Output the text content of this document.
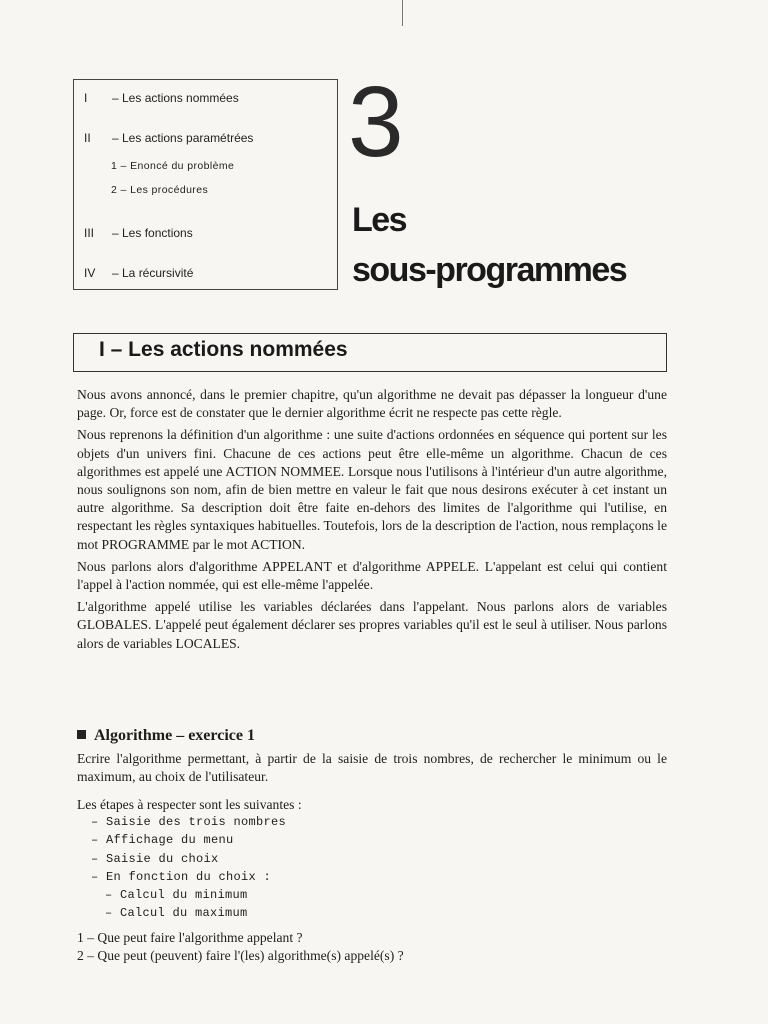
I – Les actions nommées
II – Les actions paramétrées
1 – Enoncé du problème
2 – Les procédures
III – Les fonctions
IV – La récursivité
3
Les
sous-programmes
I – Les actions nommées

Nous avons annoncé, dans le premier chapitre, qu'un algorithme ne devait pas dépasser la longueur d'une page. Or, force est de constater que le dernier algorithme écrit ne respecte pas cette règle.

Nous reprenons la définition d'un algorithme : une suite d'actions ordonnées en séquence qui portent sur les objets d'un univers fini. Chacune de ces actions peut être elle-même un algorithme. Chacun de ces algorithmes est appelé une ACTION NOMMEE. Lorsque nous l'utilisons à l'intérieur d'un autre algorithme, nous soulignons son nom, afin de bien mettre en valeur le fait que nous desirons exécuter à cet instant un autre algorithme. Sa description doit être faite en-dehors des limites de l'algorithme qui l'utilise, en respectant les règles syntaxiques habituelles. Toutefois, lors de la description de l'action, nous remplaçons le mot PROGRAMME par le mot ACTION.

Nous parlons alors d'algorithme APPELANT et d'algorithme APPELE. L'appelant est celui qui contient l'appel à l'action nommée, qui est elle-même l'appelée.

L'algorithme appelé utilise les variables déclarées dans l'appelant. Nous parlons alors de variables GLOBALES. L'appelé peut également déclarer ses propres variables qu'il est le seul à utiliser. Nous parlons alors de variables LOCALES.

Algorithme – exercice 1

Ecrire l'algorithme permettant, à partir de la saisie de trois nombres, de rechercher le minimum ou le maximum, au choix de l'utilisateur.

Les étapes à respecter sont les suivantes :
– Saisie des trois nombres
– Affichage du menu
– Saisie du choix
– En fonction du choix :
– Calcul du minimum
– Calcul du maximum
1 – Que peut faire l'algorithme appelant ?
2 – Que peut (peuvent) faire l'(les) algorithme(s) appelé(s) ?
